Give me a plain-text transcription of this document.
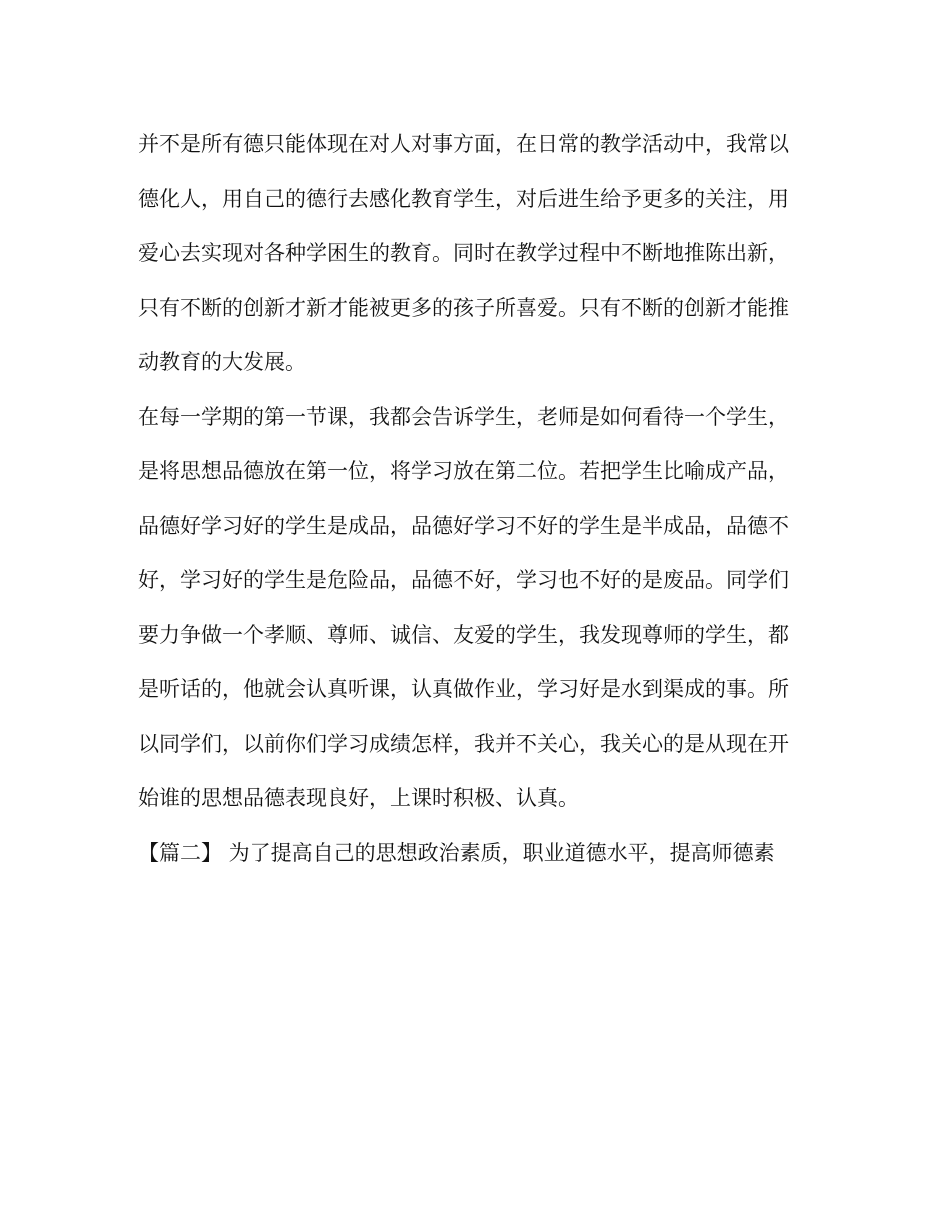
并不是所有德只能体现在对人对事方面，在日常的教学活动中，我常以
德化人，用自己的德行去感化教育学生，对后进生给予更多的关注，用
爱心去实现对各种学困生的教育。同时在教学过程中不断地推陈出新，
只有不断的创新才新才能被更多的孩子所喜爱。只有不断的创新才能推
动教育的大发展。
在每一学期的第一节课，我都会告诉学生，老师是如何看待一个学生，
是将思想品德放在第一位，将学习放在第二位。若把学生比喻成产品，
品德好学习好的学生是成品，品德好学习不好的学生是半成品，品德不
好，学习好的学生是危险品，品德不好，学习也不好的是废品。同学们
要力争做一个孝顺、尊师、诚信、友爱的学生，我发现尊师的学生，都
是听话的，他就会认真听课，认真做作业，学习好是水到渠成的事。所
以同学们，以前你们学习成绩怎样，我并不关心，我关心的是从现在开
始谁的思想品德表现良好，上课时积极、认真。
【篇二】 为了提高自己的思想政治素质，职业道德水平，提高师德素
